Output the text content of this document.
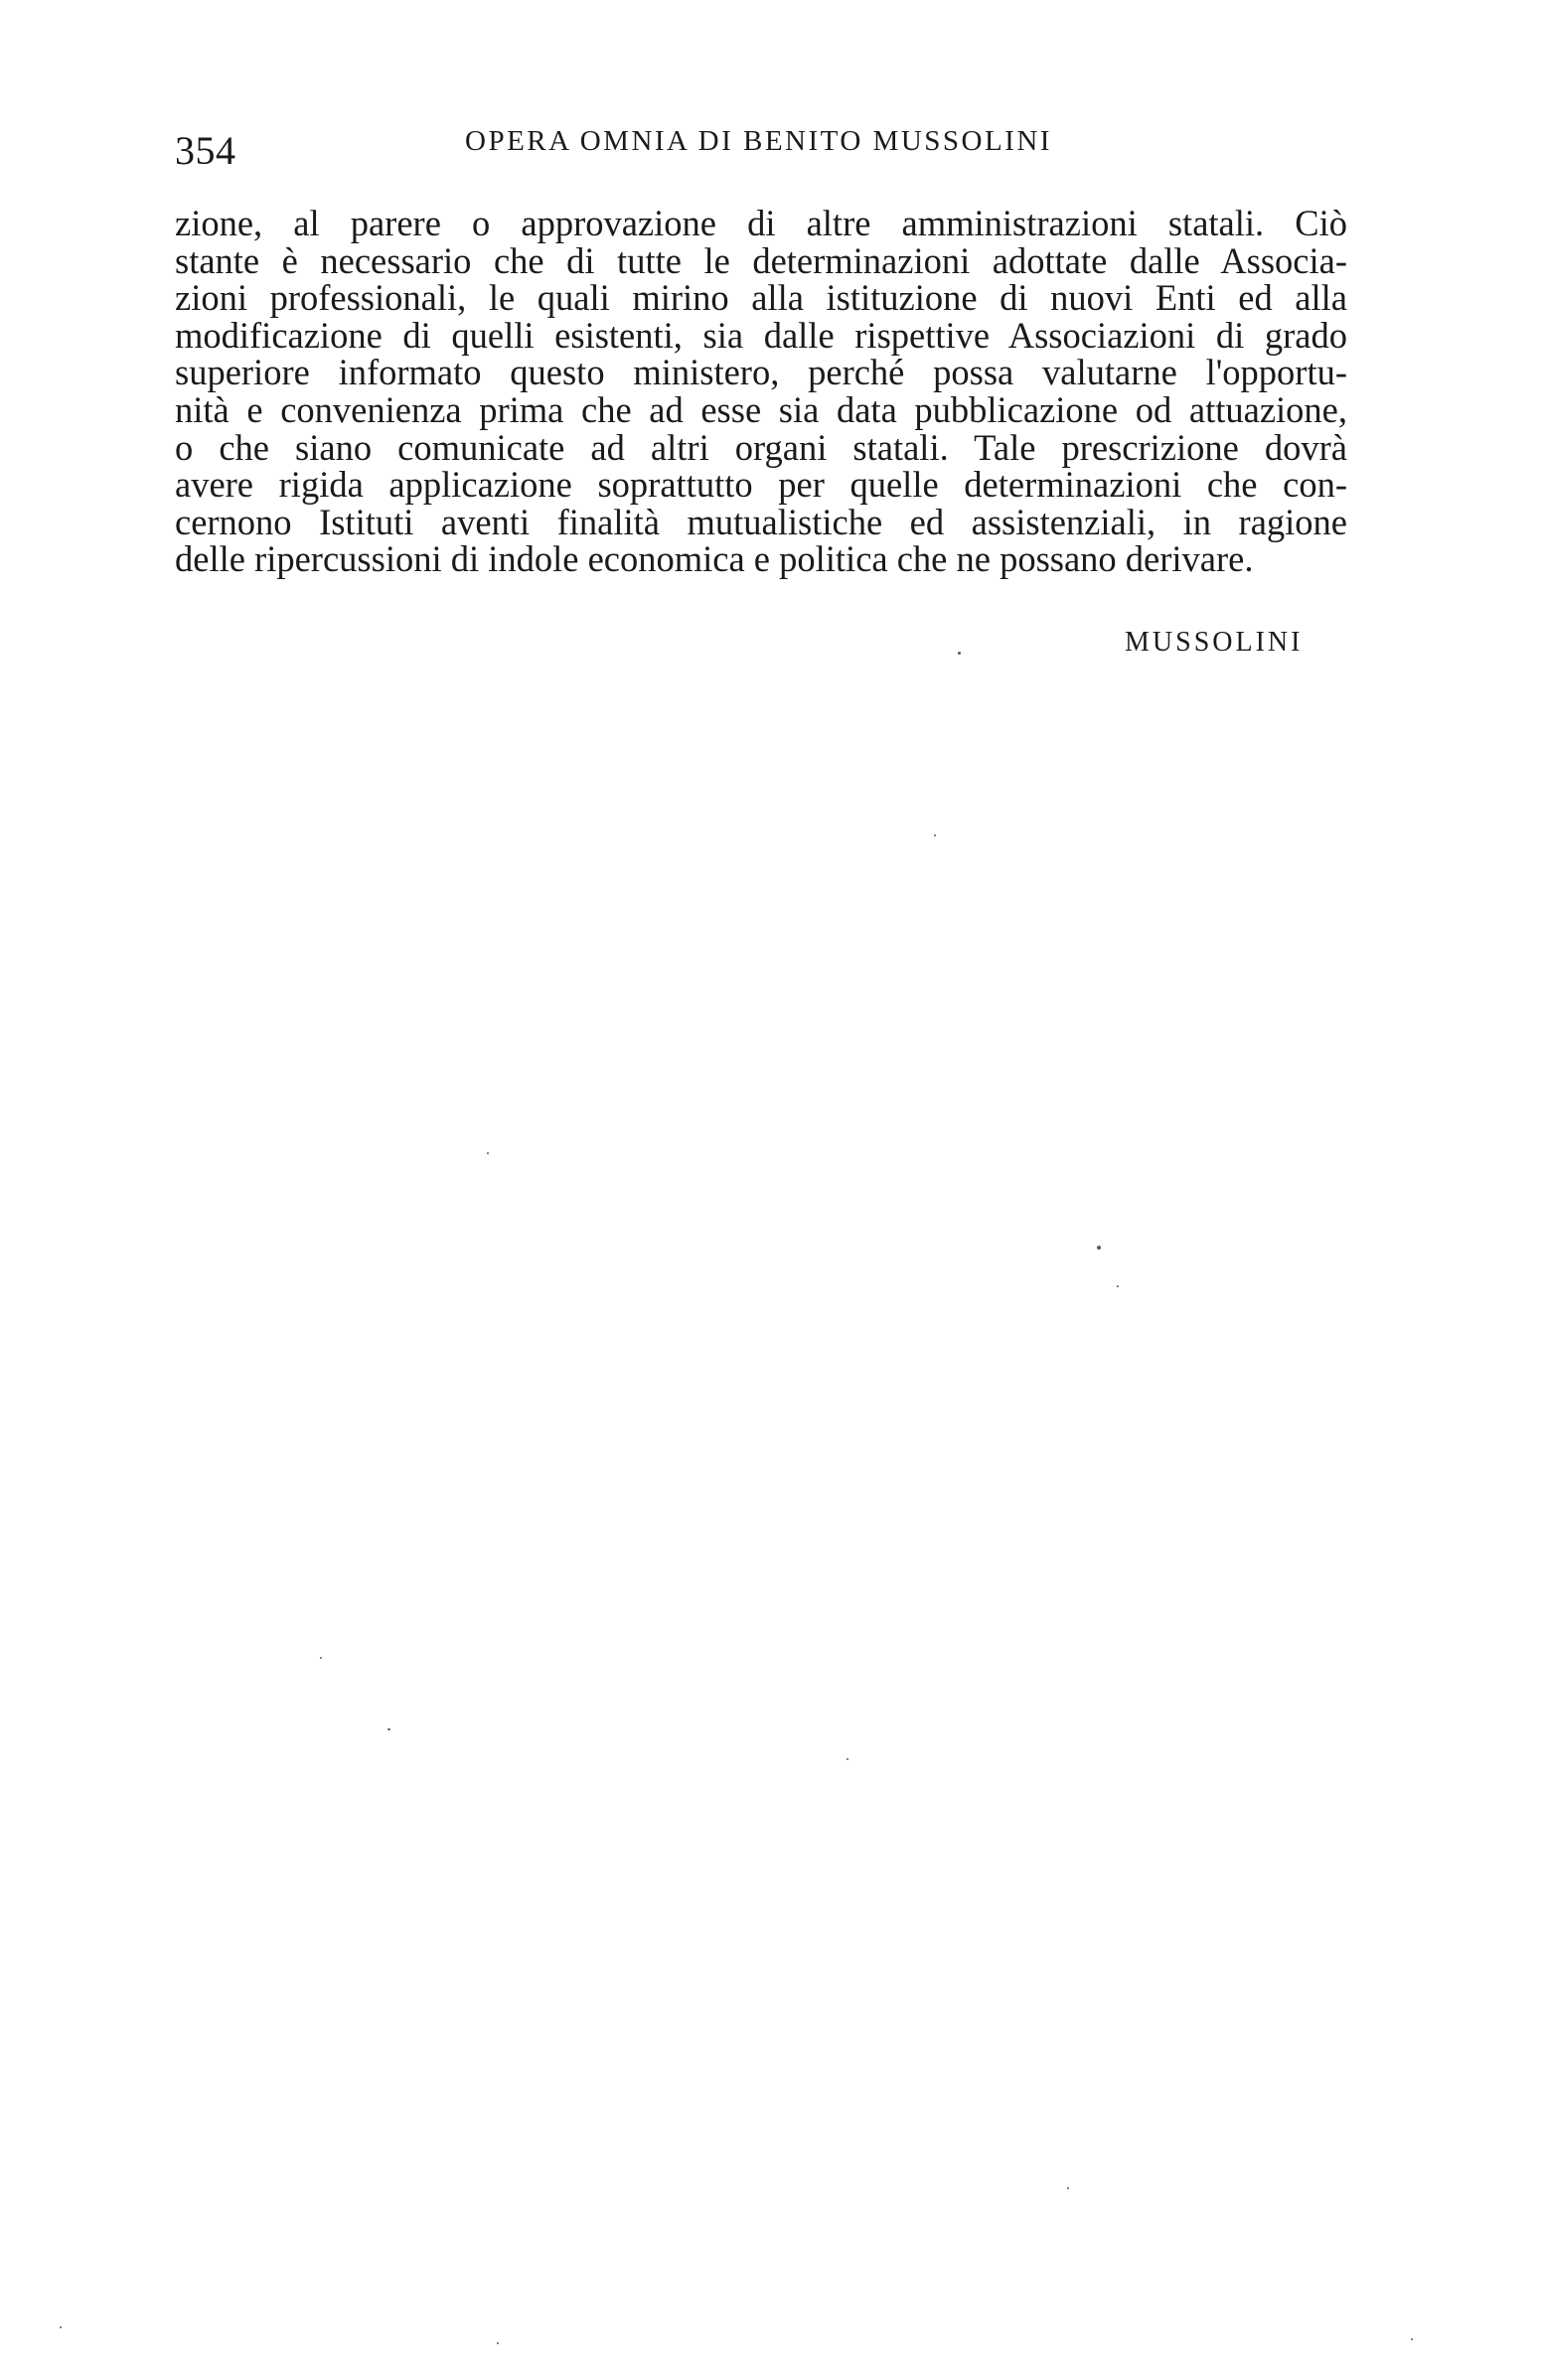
354	OPERA OMNIA DI BENITO MUSSOLINI
zione, al parere o approvazione di altre amministrazioni statali. Ciò
stante è necessario che di tutte le determinazioni adottate dalle Associa-
zioni professionali, le quali mirino alla istituzione di nuovi Enti ed alla
modificazione di quelli esistenti, sia dalle rispettive Associazioni di grado
superiore informato questo ministero, perché possa valutarne l'opportu-
nità e convenienza prima che ad esse sia data pubblicazione od attuazione,
o che siano comunicate ad altri organi statali. Tale prescrizione dovrà
avere rigida applicazione soprattutto per quelle determinazioni che con-
cernono Istituti aventi finalità mutualistiche ed assistenziali, in ragione
delle ripercussioni di indole economica e politica che ne possano derivare.
MUSSOLINI
